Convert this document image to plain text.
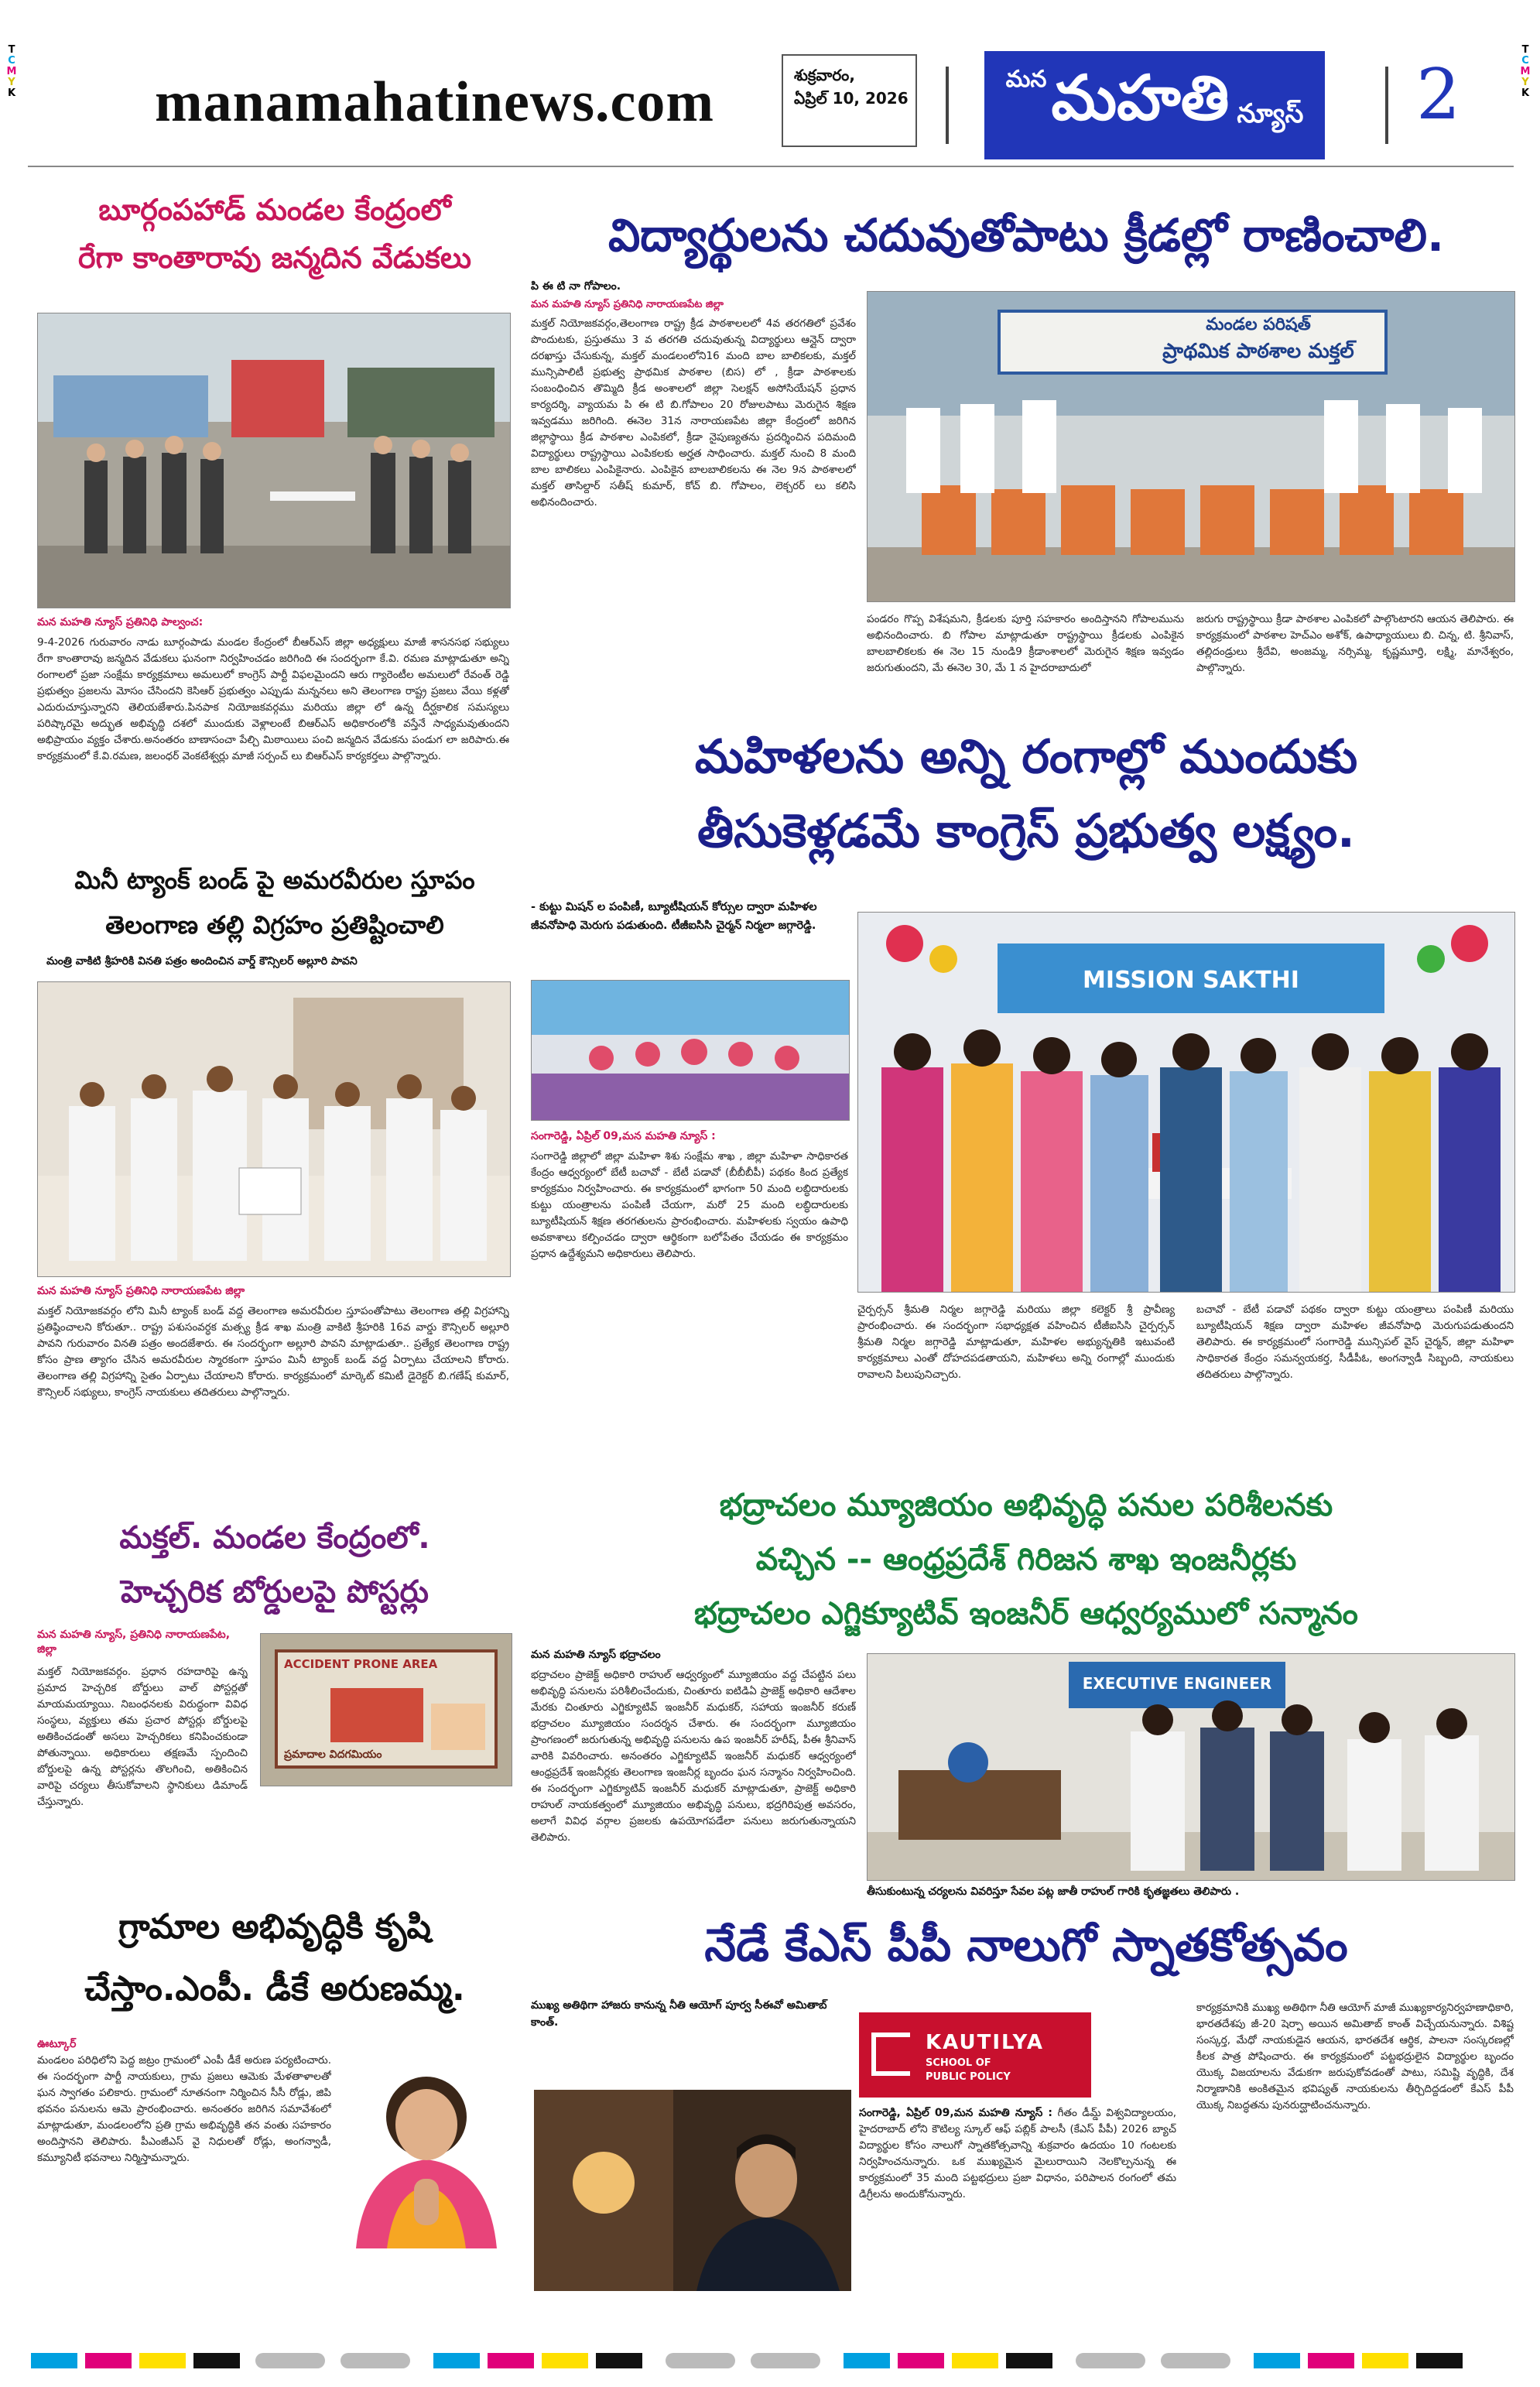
T
C
M
Y
K
T
C
M
Y
K
manamahatinews.com	శుక్రవారం,
ఏప్రిల్ 10, 2026
మన మహతి న్యూస్ 2
బూర్గంపహాడ్ మండల కేంద్రంలో
రేగా కాంతారావు జన్మదిన వేడుకలు
మన మహతి న్యూస్ ప్రతినిధి పాల్వంచ:
9-4-2026 గురువారం నాడు బూర్గంపాడు మండల కేంద్రంలో బీఆర్ఎస్ జిల్లా అధ్యక్షులు మాజీ శాసనసభ సభ్యులు రేగా కాంతారావు జన్మదిన వేడుకలు ఘనంగా నిర్వహించడం జరిగింది ఈ సందర్భంగా కే.వి. రమణ మాట్లాడుతూ అన్ని రంగాలలో ప్రజా సంక్షేమ కార్యక్రమాలు అమలులో కాంగ్రెస్ పార్టీ విఫలమైందని ఆరు గ్యారెంటీల అమలులో రేవంత్ రెడ్డి ప్రభుత్వం ప్రజలను మోసం చేసిందని కెసిఆర్ ప్రభుత్వం ఎప్పుడు మన్ననలు అని తెలంగాణ రాష్ట్ర ప్రజలు వేయి కళ్లతో ఎదురుచూస్తున్నారని తెలియజేశారు.పినపాక నియోజకవర్గము మరియు జిల్లా లో ఉన్న దీర్ఘకాలిక సమస్యలు పరిష్కారమై అద్భుత అభివృద్ధి దశలో ముందుకు వెళ్లాలంటే బిఆర్ఎస్ అధికారంలోకి వస్తేనే సాధ్యమవుతుందని అభిప్రాయం వ్యక్తం చేశారు.అనంతరం బాణాసంచా పేల్చి మిఠాయిలు పంచి జన్మదిన వేడుకను పండుగ లా జరిపారు.ఈ కార్యక్రమంలో కే.వి.రమణ, జలంధర్ వెంకటేశ్వర్లు మాజీ సర్పంచ్ లు బిఆర్ఎస్ కార్యకర్తలు పాల్గొన్నారు.
మినీ ట్యాంక్ బండ్ పై అమరవీరుల స్తూపం
తెలంగాణ తల్లి విగ్రహం ప్రతిష్టించాలి
మంత్రి వాకిటి శ్రీహరికి వినతి పత్రం అందించిన వార్డ్ కౌన్సిలర్ అల్లూరి పావని
మన మహతి న్యూస్ ప్రతినిధి నారాయణపేట జిల్లా
మక్తల్ నియోజకవర్గం లోని మినీ ట్యాంక్ బండ్ వద్ద తెలంగాణ అమరవీరుల స్తూపంతోపాటు తెలంగాణ తల్లి విగ్రహాన్ని ప్రతిష్ఠించాలని కోరుతూ.. రాష్ట్ర పశుసంవర్ధక మత్స్య క్రీడ శాఖ మంత్రి వాకిటి శ్రీహరికి 16వ వార్డు కౌన్సిలర్ అల్లూరి పావని గురువారం వినతి పత్రం అందజేశారు. ఈ సందర్భంగా అల్లూరి పావని మాట్లాడుతూ.. ప్రత్యేక తెలంగాణ రాష్ట్ర కోసం ప్రాణ త్యాగం చేసిన అమరవీరుల స్మారకంగా స్తూపం మినీ ట్యాంక్ బండ్ వద్ద ఏర్పాటు చేయాలని కోరారు. తెలంగాణ తల్లి విగ్రహాన్ని సైతం ఏర్పాటు చేయాలని కోరారు. కార్యక్రమంలో మార్కెట్ కమిటీ డైరెక్టర్ బి.గణేష్ కుమార్, కౌన్సిలర్ సభ్యులు, కాంగ్రెస్ నాయకులు తదితరులు పాల్గొన్నారు.
మక్తల్. మండల కేంద్రంలో.
హెచ్చరిక బోర్డులపై పోస్టర్లు
మన మహతి న్యూస్, ప్రతినిధి నారాయణపేట, జిల్లా
మక్తల్ నియోజకవర్గం. ప్రధాన రహదారిపై ఉన్న ప్రమాద హెచ్చరిక బోర్డులు వాల్ పోస్టర్లతో మాయమయ్యాయి. నిబంధనలకు విరుద్ధంగా వివిధ సంస్థలు, వ్యక్తులు తమ ప్రచార పోస్టర్లు బోర్డులపై అతికించడంతో అసలు హెచ్చరికలు కనిపించకుండా పోతున్నాయి. అధికారులు తక్షణమే స్పందించి బోర్డులపై ఉన్న పోస్టర్లను తొలగించి, అతికించిన వారిపై చర్యలు తీసుకోవాలని స్థానికులు డిమాండ్ చేస్తున్నారు.
ACCIDENT PRONE AREA
ప్రమాదాల విదగమియం
గ్రామాల అభివృద్ధికి కృషి
చేస్తాం.ఎంపీ. డీకే అరుణమ్మ.
ఊట్కూర్
మండలం పరిధిలోని పెద్ద జట్రం గ్రామంలో ఎంపీ డీకే అరుణ పర్యటించారు. ఈ సందర్భంగా పార్టీ నాయకులు, గ్రామ ప్రజలు ఆమెకు మేళతాళాలతో ఘన స్వాగతం పలికారు. గ్రామంలో నూతనంగా నిర్మించిన సీసీ రోడ్లు, జిపి భవనం పనులను ఆమె ప్రారంభించారు. అనంతరం జరిగిన సమావేశంలో మాట్లాడుతూ, మండలంలోని ప్రతి గ్రామ అభివృద్ధికి తన వంతు సహకారం అందిస్తానని తెలిపారు. పీఎంజీఎస్ వై నిధులతో రోడ్లు, అంగన్వాడీ, కమ్యూనిటీ భవనాలు నిర్మిస్తామన్నారు.
విద్యార్థులను చదువుతోపాటు క్రీడల్లో రాణించాలి.
పి ఈ టి నా గోపాలం.
మన మహతి న్యూస్ ప్రతినిధి నారాయణపేట జిల్లా
మక్తల్ నియోజకవర్గం,తెలంగాణ రాష్ట్ర క్రీడ పాఠశాలలలో 4వ తరగతిలో ప్రవేశం పొందుటకు, ప్రస్తుతము 3 వ తరగతి చదువుతున్న విద్యార్థులు ఆన్లైన్ ద్వారా దరఖాస్తు చేసుకున్న, మక్తల్ మండలంలోని16 మంది బాల బాలికలకు, మక్తల్ మున్సిపాలిటీ ప్రభుత్వ ప్రాథమిక పాఠశాల (బిస) లో , క్రీడా పాఠశాలకు సంబంధించిన తొమ్మిది క్రీడ అంశాలలో జిల్లా సెలక్షన్ అసోసియేషన్ ప్రధాన కార్యదర్శి, వ్యాయమ పి ఈ టి బి.గోపాలం 20 రోజులపాటు మెరుగైన శిక్షణ ఇవ్వడము జరిగింది. ఈనెల 31న నారాయణపేట జిల్లా కేంద్రంలో జరిగిన జిల్లాస్థాయి క్రీడ పాఠశాల ఎంపికలో, క్రీడా నైపుణ్యతను ప్రదర్శించిన పదిమంది విద్యార్థులు రాష్ట్రస్థాయి ఎంపికలకు అర్హత సాధించారు. మక్తల్ నుంచి 8 మంది బాల బాలికలు ఎంపికైనారు. ఎంపికైన బాలబాలికలను ఈ నెల 9న పాఠశాలలో మక్తల్ తాసిల్దార్ సతీష్ కుమార్, కోచ్ బి. గోపాలం, లెక్చరర్ లు కలిసి అభినందించారు.
మండల పరిషత్
ప్రాథమిక పాఠశాల మక్తల్
పండరం గొప్ప విశేషమని, క్రీడలకు పూర్తి సహకారం అందిస్తానని గోపాలమును అభినందించారు. బి గోపాల మాట్లాడుతూ రాష్ట్రస్థాయి క్రీడలకు ఎంపికైన బాలబాలికలకు ఈ నెల 15 నుండి9 క్రీడాంశాలలో మెరుగైన శిక్షణ ఇవ్వడం జరుగుతుందని, మే ఈనెల 30, మే 1 న హైదరాబాదులో
జరుగు రాష్ట్రస్థాయి క్రీడా పాఠశాల ఎంపికలో పాల్గొంటారని ఆయన తెలిపారు. ఈ కార్యక్రమంలో పాఠశాల హెచ్ఎం అశోక్, ఉపాధ్యాయులు బి. చిన్న, టి. శ్రీనివాస్, తల్లిదండ్రులు శ్రీదేవి, అంజమ్మ, నర్సిమ్మ, కృష్ణమూర్తి, లక్ష్మి, మానేశ్వరం, పాల్గొన్నారు.
మహిళలను అన్ని రంగాల్లో ముందుకు
తీసుకెళ్లడమే కాంగ్రెస్ ప్రభుత్వ లక్ష్యం.
- కుట్టు మిషన్ ల పంపిణీ, బ్యూటీషియన్ కోర్సుల ద్వారా మహిళల జీవనోపాధి మెరుగు పడుతుంది. టీజీఐసిసి చైర్మన్ నిర్మలా జగ్గారెడ్డి.
సంగారెడ్డి, ఏప్రిల్ 09,మన మహతి న్యూస్ :
సంగారెడ్డి జిల్లాలో జిల్లా మహిళా శిశు సంక్షేమ శాఖ , జిల్లా మహిళా సాధికారత కేంద్రం ఆధ్వర్యంలో బేటీ బచావో - బేటీ పడావో (బీబీబీపీ) పథకం కింద ప్రత్యేక కార్యక్రమం నిర్వహించారు. ఈ కార్యక్రమంలో భాగంగా 50 మంది లబ్ధిదారులకు కుట్టు యంత్రాలను పంపిణీ చేయగా, మరో 25 మంది లబ్ధిదారులకు బ్యూటీషియన్ శిక్షణ తరగతులను ప్రారంభించారు. మహిళలకు స్వయం ఉపాధి అవకాశాలు కల్పించడం ద్వారా ఆర్థికంగా బలోపేతం చేయడం ఈ కార్యక్రమం ప్రధాన ఉద్దేశ్యమని అధికారులు తెలిపారు.
MISSION SAKTHI
చైర్పర్సన్ శ్రీమతి నిర్మల జగ్గారెడ్డి మరియు జిల్లా కలెక్టర్ శ్రీ ప్రావీణ్య ప్రారంభించారు. ఈ సందర్భంగా సభాధ్యక్షత వహించిన టీజీఐసిసి చైర్పర్సన్ శ్రీమతి నిర్మల జగ్గారెడ్డి మాట్లాడుతూ, మహిళల అభ్యున్నతికి ఇటువంటి కార్యక్రమాలు ఎంతో దోహదపడతాయని, మహిళలు అన్ని రంగాల్లో ముందుకు రావాలని పిలుపునిచ్చారు.
బచావో - బేటీ పడావో పథకం ద్వారా కుట్టు యంత్రాలు పంపిణీ మరియు బ్యూటీషియన్ శిక్షణ ద్వారా మహిళల జీవనోపాధి మెరుగుపడుతుందని తెలిపారు. ఈ కార్యక్రమంలో సంగారెడ్డి మున్సిపల్ వైస్ చైర్మన్, జిల్లా మహిళా సాధికారత కేంద్రం సమన్వయకర్త, సీడీపీఓ, అంగన్వాడీ సిబ్బంది, నాయకులు తదితరులు పాల్గొన్నారు.
భద్రాచలం మ్యూజియం అభివృద్ధి పనుల పరిశీలనకు
వచ్చిన -- ఆంధ్రప్రదేశ్ గిరిజన శాఖ ఇంజనీర్లకు
భద్రాచలం ఎగ్జిక్యూటివ్ ఇంజనీర్ ఆధ్వర్యములో సన్మానం
మన మహతి న్యూస్ భద్రాచలం
భద్రాచలం ప్రాజెక్ట్ అధికారి రాహుల్ ఆధ్వర్యంలో మ్యూజియం వద్ద చేపట్టిన పలు అభివృద్ధి పనులను పరిశీలించేందుకు, చింతూరు ఐటిడిఏ ప్రాజెక్ట్ అధికారి ఆదేశాల మేరకు చింతూరు ఎగ్జిక్యూటివ్ ఇంజనీర్ మధుకర్, సహాయ ఇంజనీర్ కరుణ్ భద్రాచలం మ్యూజియం సందర్శన చేశారు. ఈ సందర్భంగా మ్యూజియం ప్రాంగణంలో జరుగుతున్న అభివృద్ధి పనులను ఉప ఇంజనీర్ హరీష్, పీఈ శ్రీనివాస్ వారికి వివరించారు. అనంతరం ఎగ్జిక్యూటివ్ ఇంజనీర్ మధుకర్ ఆధ్వర్యంలో ఆంధ్రప్రదేశ్ ఇంజనీర్లకు తెలంగాణ ఇంజనీర్ల బృందం ఘన సన్మానం నిర్వహించింది. ఈ సందర్భంగా ఎగ్జిక్యూటివ్ ఇంజనీర్ మధుకర్ మాట్లాడుతూ, ప్రాజెక్ట్ అధికారి రాహుల్ నాయకత్వంలో మ్యూజియం అభివృద్ధి పనులు, భద్రగిరిపుత్ర అవసరం, అలాగే వివిధ వర్గాల ప్రజలకు ఉపయోగపడేలా పనులు జరుగుతున్నాయని తెలిపారు.
EXECUTIVE ENGINEER
తీసుకుంటున్న చర్యలను వివరిస్తూ సేవల పట్ల జాతీ రాహుల్ గారికి కృతజ్ఞతలు తెలిపారు .
నేడే కేఎస్ పీపీ నాలుగో స్నాతకోత్సవం
ముఖ్య అతిథిగా హాజరు కానున్న నీతి ఆయోగ్ పూర్వ సీఈవో అమితాబ్ కాంత్.
KAUTILYA
SCHOOL OF
PUBLIC POLICY
సంగారెడ్డి, ఏప్రిల్ 09,మన మహతి న్యూస్ : గీతం డీమ్డ్ విశ్వవిద్యాలయం, హైదరాబాద్ లోని కౌటిల్య స్కూల్ ఆఫ్ పబ్లిక్ పాలసీ (కేఎస్ పీపీ) 2026 బ్యాచ్ విద్యార్థుల కోసం నాలుగో స్నాతకోత్సవాన్ని శుక్రవారం ఉదయం 10 గంటలకు నిర్వహించనున్నారు. ఒక ముఖ్యమైన మైలురాయిని నెలకొల్పనున్న ఈ కార్యక్రమంలో 35 మంది పట్టభద్రులు ప్రజా విధానం, పరిపాలన రంగంలో తమ డిగ్రీలను అందుకోనున్నారు.
కార్యక్రమానికి ముఖ్య అతిథిగా నీతి ఆయోగ్ మాజీ ముఖ్యకార్యనిర్వహణాధికారి, భారతదేశపు జీ-20 షెర్పా అయిన అమితాబ్ కాంత్ విచ్చేయనున్నారు. విశిష్ట సంస్కర్త, మేధో నాయకుడైన ఆయన, భారతదేశ ఆర్థిక, పాలనా సంస్కరణల్లో కీలక పాత్ర పోషించారు. ఈ కార్యక్రమంలో పట్టభద్రులైన విద్యార్థుల బృందం యొక్క విజయాలను వేడుకగా జరుపుకోవడంతో పాటు, సమిష్టి వృద్ధికి, దేశ నిర్మాణానికి అంకితమైన భవిష్యత్ నాయకులను తీర్చిదిద్దడంలో కేఎస్ పీపీ యొక్క నిబద్ధతను పునరుద్ఘాటించనున్నారు.
